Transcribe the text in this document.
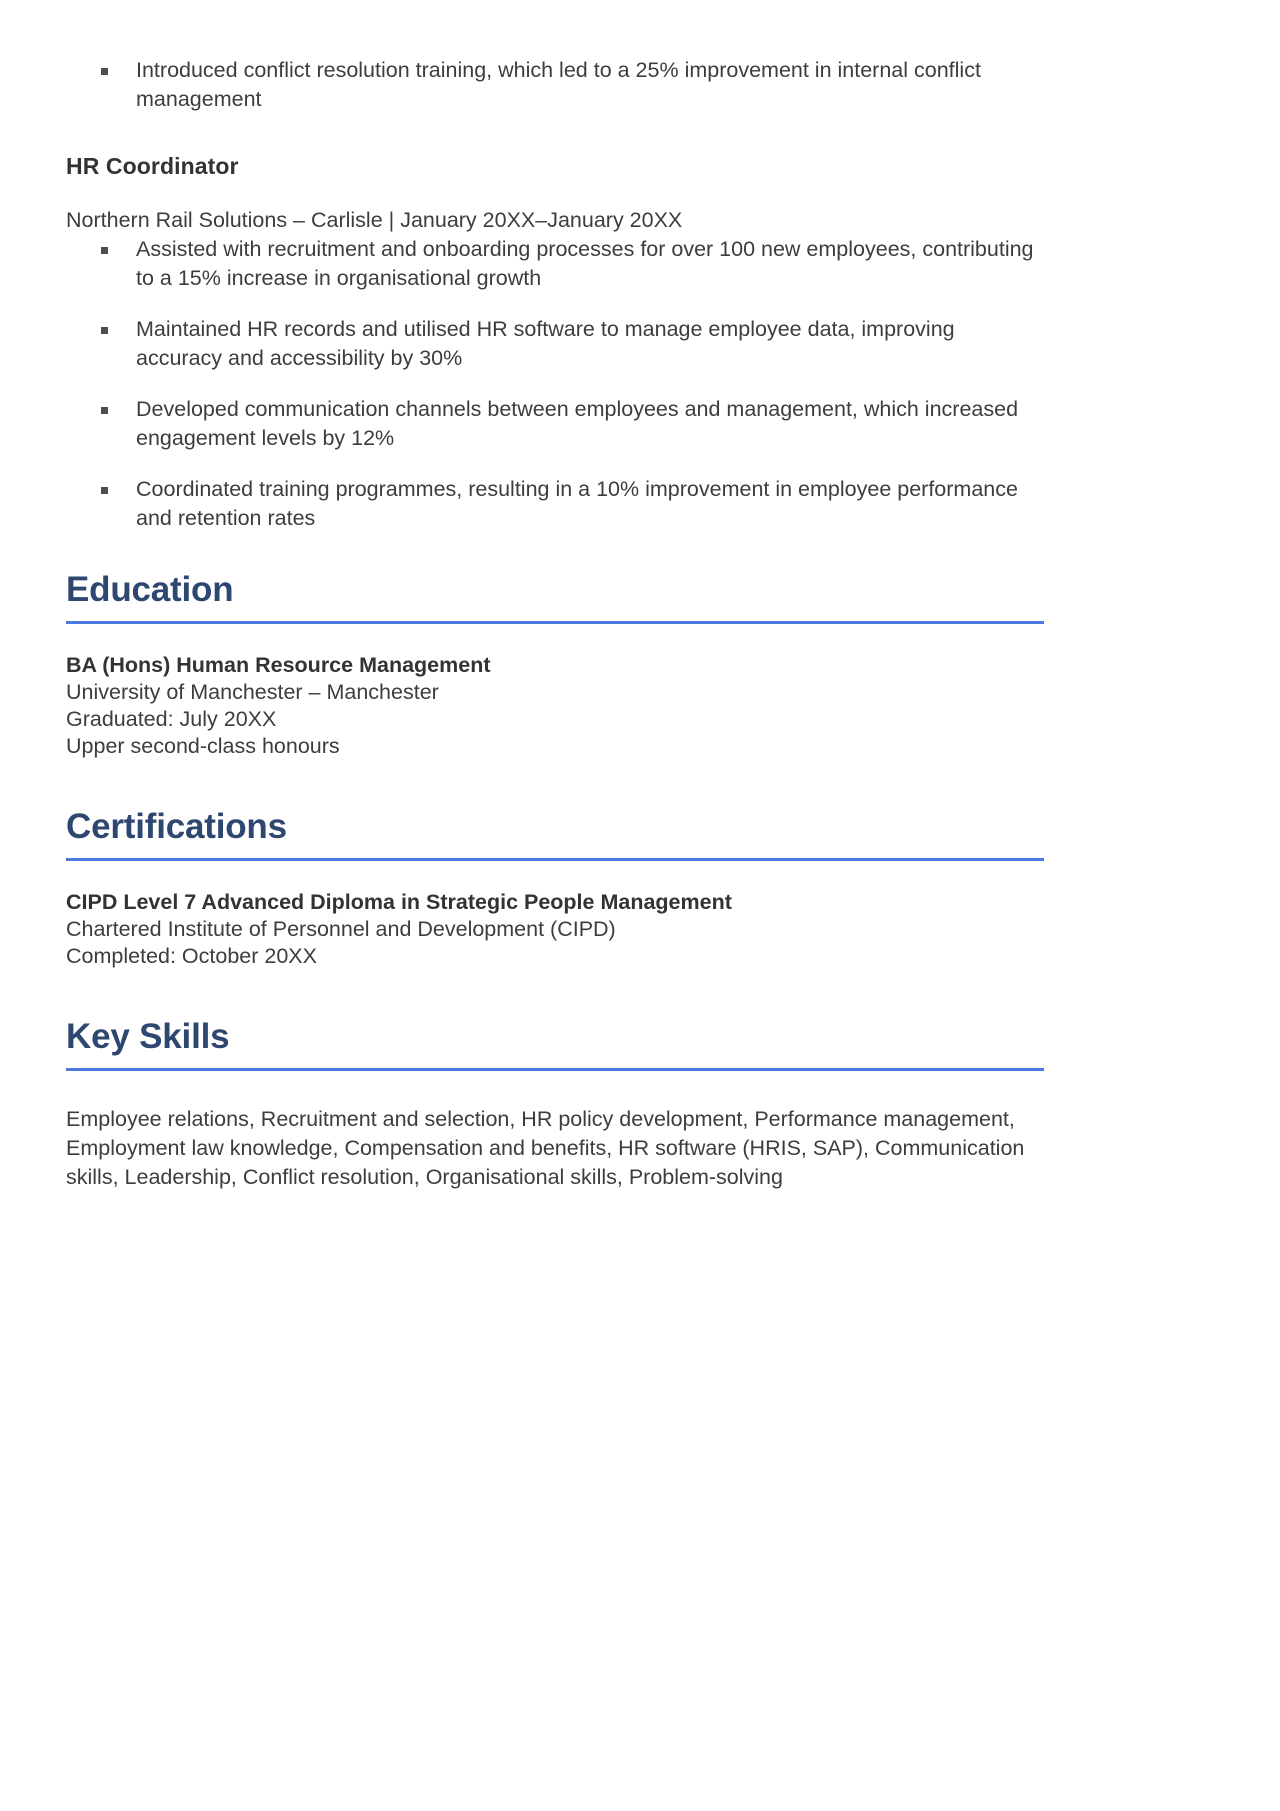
Introduced conflict resolution training, which led to a 25% improvement in internal conflict management
HR Coordinator

Northern Rail Solutions – Carlisle | January 20XX–January 20XX

Assisted with recruitment and onboarding processes for over 100 new employees, contributing to a 15% increase in organisational growth
Maintained HR records and utilised HR software to manage employee data, improving accuracy and accessibility by 30%
Developed communication channels between employees and management, which increased engagement levels by 12%
Coordinated training programmes, resulting in a 10% improvement in employee performance and retention rates
Education
BA (Hons) Human Resource Management
University of Manchester – Manchester
Graduated: July 20XX
Upper second-class honours
Certifications
CIPD Level 7 Advanced Diploma in Strategic People Management
Chartered Institute of Personnel and Development (CIPD)
Completed: October 20XX
Key Skills

Employee relations, Recruitment and selection, HR policy development, Performance management, Employment law knowledge, Compensation and benefits, HR software (HRIS, SAP), Communication skills, Leadership, Conflict resolution, Organisational skills, Problem-solving
